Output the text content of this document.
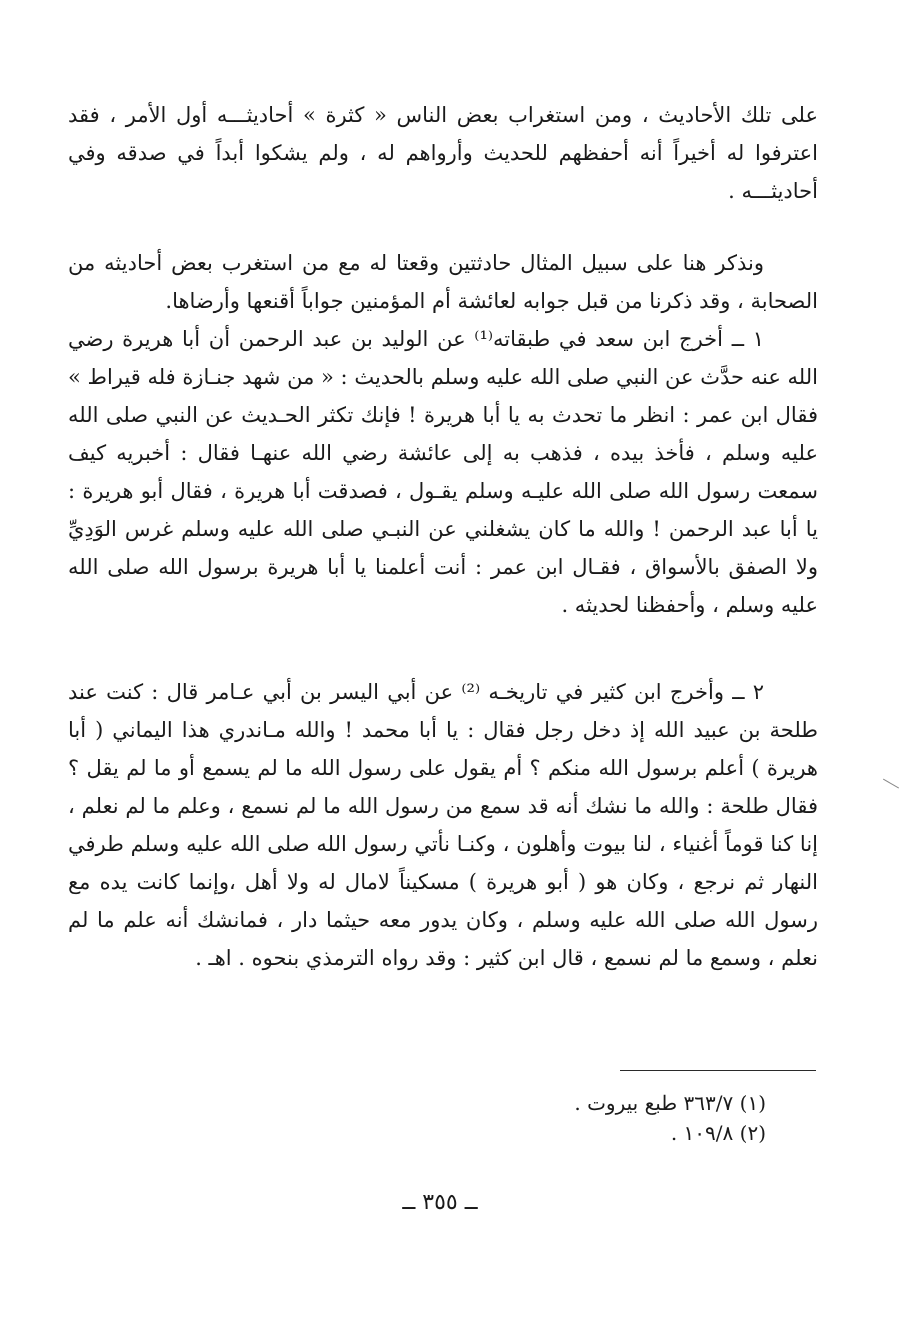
على تلك الأحاديث ، ومن استغراب بعض الناس « كثرة » أحاديثـــه أول الأمر ، فقد اعترفوا له أخيراً أنه أحفظهم للحديث وأرواهم له ، ولم يشكوا أبداً في صدقه وفي أحاديثـــه .

ونذكر هنا على سبيل المثال حادثتين وقعتا له مع من استغرب بعض أحاديثه من الصحابة ، وقد ذكرنا من قبل جوابه لعائشة أم المؤمنين جواباً أقنعها وأرضاها.

١ ــ أخرج ابن سعد في طبقاته⁽¹⁾ عن الوليد بن عبد الرحمن أن أبا هريرة رضي الله عنه حدَّث عن النبي صلى الله عليه وسلم بالحديث : « من شهد جنـازة فله قيراط » فقال ابن عمر : انظر ما تحدث به يا أبا هريرة ! فإنك تكثر الحـديث عن النبي صلى الله عليه وسلم ، فأخذ بيده ، فذهب به إلى عائشة رضي الله عنهـا فقال : أخبريه كيف سمعت رسول الله صلى الله عليـه وسلم يقـول ، فصدقت أبا هريرة ، فقال أبو هريرة : يا أبا عبد الرحمن ! والله ما كان يشغلني عن النبـي صلى الله عليه وسلم غرس الوَدِيِّ ولا الصفق بالأسواق ، فقـال ابن عمر : أنت أعلمنا يا أبا هريرة برسول الله صلى الله عليه وسلم ، وأحفظنا لحديثه .

٢ ــ وأخرج ابن كثير في تاريخـه ⁽²⁾ عن أبي اليسر بن أبي عـامر قال : كنت عند طلحة بن عبيد الله إذ دخل رجل فقال : يا أبا محمد ! والله مـاندري هذا اليماني ( أبا هريرة ) أعلم برسول الله منكم ؟ أم يقول على رسول الله ما لم يسمع أو ما لم يقل ؟ فقال طلحة : والله ما نشك أنه قد سمع من رسول الله ما لم نسمع ، وعلم ما لم نعلم ، إنا كنا قوماً أغنياء ، لنا بيوت وأهلون ، وكنـا نأتي رسول الله صلى الله عليه وسلم طرفي النهار ثم نرجع ، وكان هو ( أبو هريرة ) مسكيناً لامال له ولا أهل ،وإنما كانت يده مع رسول الله صلى الله عليه وسلم ، وكان يدور معه حيثما دار ، فمانشك أنه علم ما لم نعلم ، وسمع ما لم نسمع ، قال ابن كثير : وقد رواه الترمذي بنحوه . اهـ .

(١) ٣٦٣/٧ طبع بيروت .
(٢) ١٠٩/٨ .
ــ ٣٥٥ ــ
